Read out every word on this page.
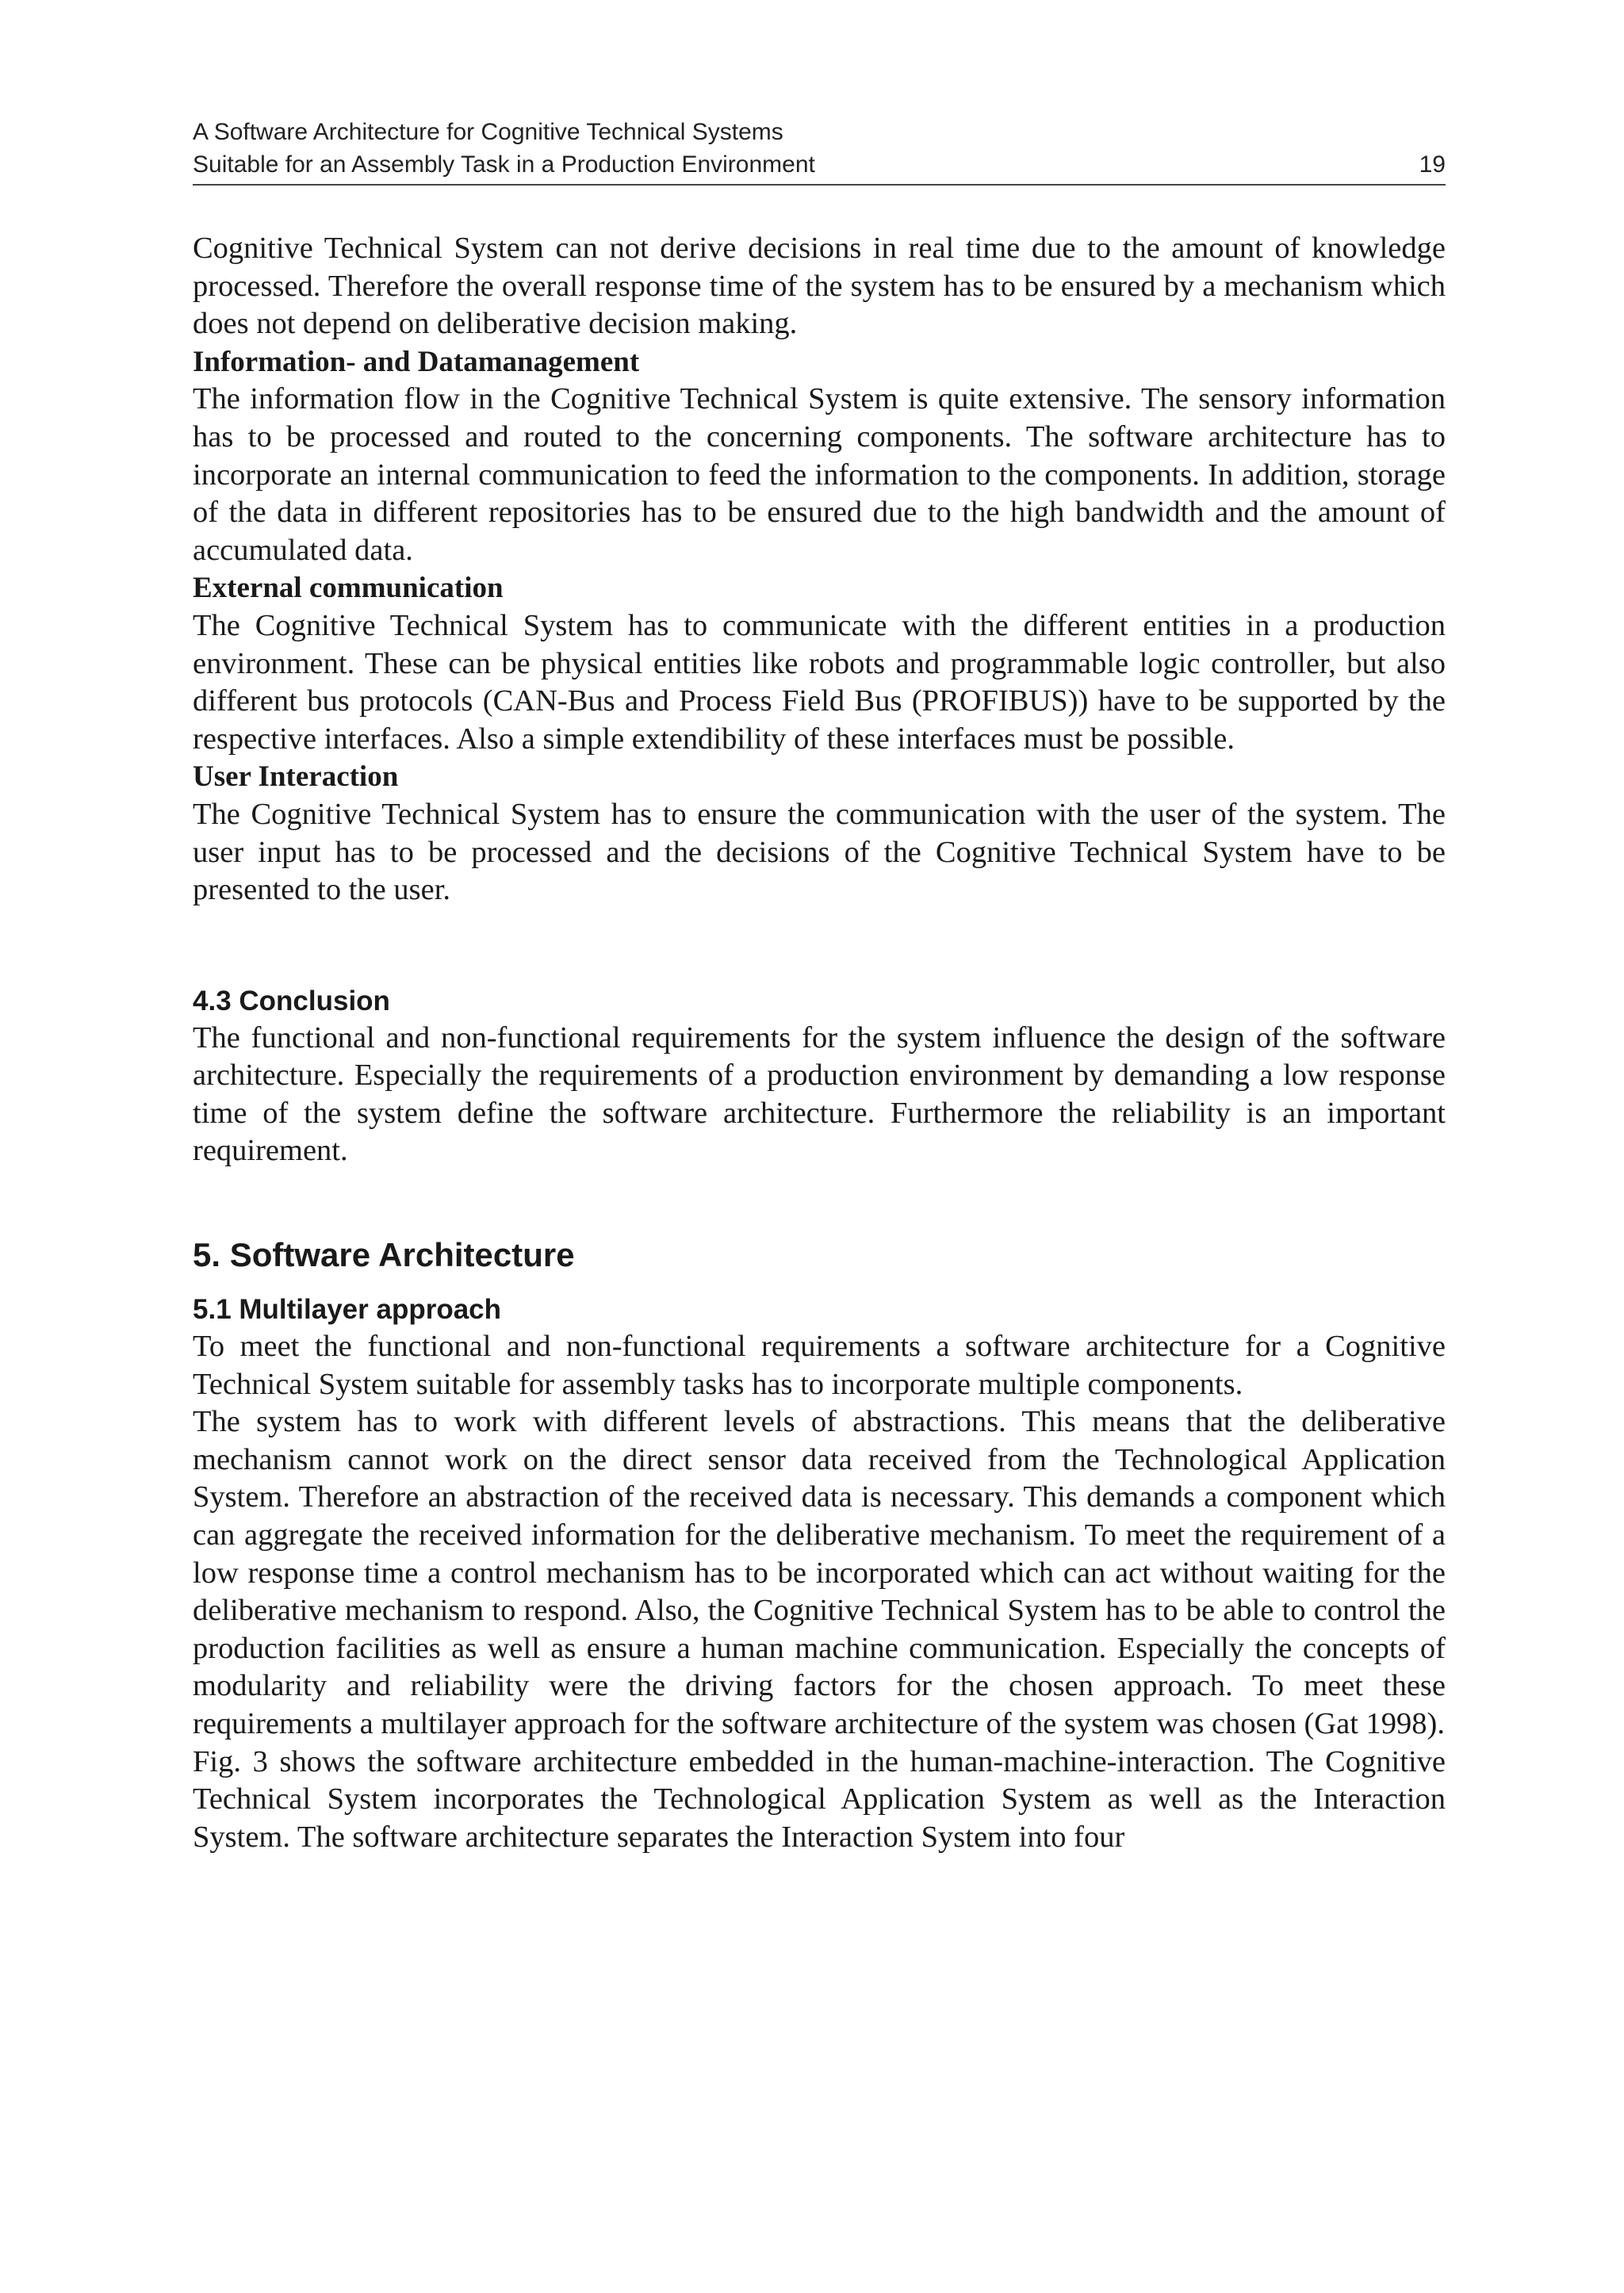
A Software Architecture for Cognitive Technical Systems
Suitable for an Assembly Task in a Production Environment	19

Cognitive Technical System can not derive decisions in real time due to the amount of knowledge processed. Therefore the overall response time of the system has to be ensured by a mechanism which does not depend on deliberative decision making.

Information- and Datamanagement

The information flow in the Cognitive Technical System is quite extensive. The sensory information has to be processed and routed to the concerning components. The software architecture has to incorporate an internal communication to feed the information to the components. In addition, storage of the data in different repositories has to be ensured due to the high bandwidth and the amount of accumulated data.

External communication

The Cognitive Technical System has to communicate with the different entities in a production environment. These can be physical entities like robots and programmable logic controller, but also different bus protocols (CAN-Bus and Process Field Bus (PROFIBUS)) have to be supported by the respective interfaces. Also a simple extendibility of these interfaces must be possible.

User Interaction

The Cognitive Technical System has to ensure the communication with the user of the system. The user input has to be processed and the decisions of the Cognitive Technical System have to be presented to the user.

4.3 Conclusion

The functional and non-functional requirements for the system influence the design of the software architecture. Especially the requirements of a production environment by demanding a low response time of the system define the software architecture. Furthermore the reliability is an important requirement.

5. Software Architecture
5.1 Multilayer approach

To meet the functional and non-functional requirements a software architecture for a Cognitive Technical System suitable for assembly tasks has to incorporate multiple components.

The system has to work with different levels of abstractions. This means that the deliberative mechanism cannot work on the direct sensor data received from the Technological Application System. Therefore an abstraction of the received data is necessary. This demands a component which can aggregate the received information for the deliberative mechanism. To meet the requirement of a low response time a control mechanism has to be incorporated which can act without waiting for the deliberative mechanism to respond. Also, the Cognitive Technical System has to be able to control the production facilities as well as ensure a human machine communication. Especially the concepts of modularity and reliability were the driving factors for the chosen approach. To meet these requirements a multilayer approach for the software architecture of the system was chosen (Gat 1998).

Fig. 3 shows the software architecture embedded in the human-machine-interaction. The Cognitive Technical System incorporates the Technological Application System as well as the Interaction System. The software architecture separates the Interaction System into four
